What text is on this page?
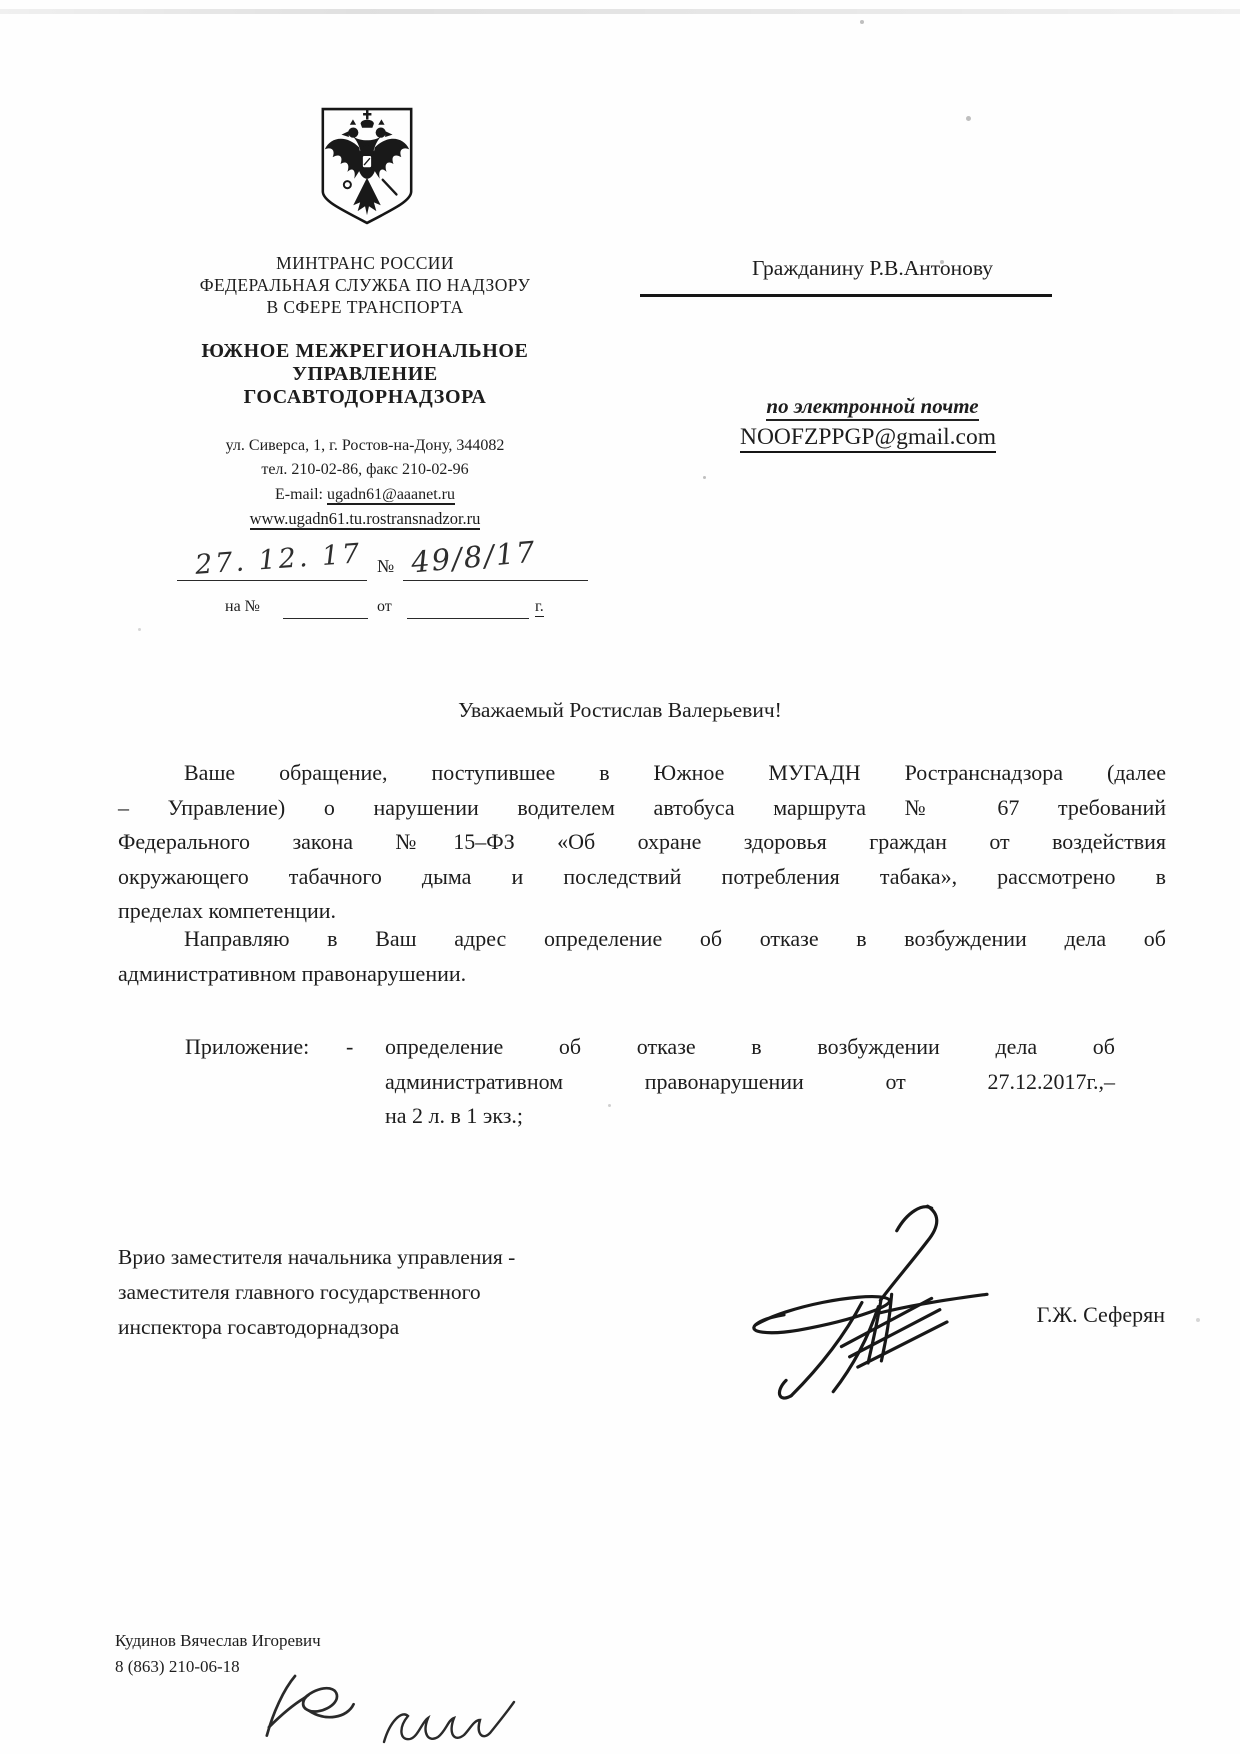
МИНТРАНС РОССИИ
ФЕДЕРАЛЬНАЯ СЛУЖБА ПО НАДЗОРУ
В СФЕРЕ ТРАНСПОРТА
ЮЖНОЕ МЕЖРЕГИОНАЛЬНОЕ
УПРАВЛЕНИЕ
ГОСАВТОДОРНАДЗОРА
ул. Сиверса, 1, г. Ростов-на-Дону, 344082
тел. 210-02-86, факс 210-02-96
E-mail: ugadn61@aaanet.ru
www.ugadn61.tu.rostransnadzor.ru
27. 12. 17 № 49/8/17
на №	от	г.
Гражданину Р.В.Антонову
по электронной почте
NOOFZPPGP@gmail.com
Уважаемый Ростислав Валерьевич!
Ваше обращение, поступившее в Южное МУГАДН Ространснадзора (далее
– Управление) о нарушении водителем автобуса маршрута № 67 требований
Федерального закона №15–ФЗ «Об охране здоровья граждан от воздействия
окружающего табачного дыма и последствий потребления табака», рассмотрено в
пределах компетенции.
Направляю в Ваш адрес определение об отказе в возбуждении дела об
административном правонарушении.
Приложение: - определение об отказе в возбуждении дела об
административном правонарушении от 27.12.2017г.,–
на 2 л. в 1 экз.;
Врио заместителя начальника управления -
заместителя главного государственного
инспектора госавтодорнадзора	Г.Ж. Сеферян
Кудинов Вячеслав Игоревич
8 (863) 210-06-18
